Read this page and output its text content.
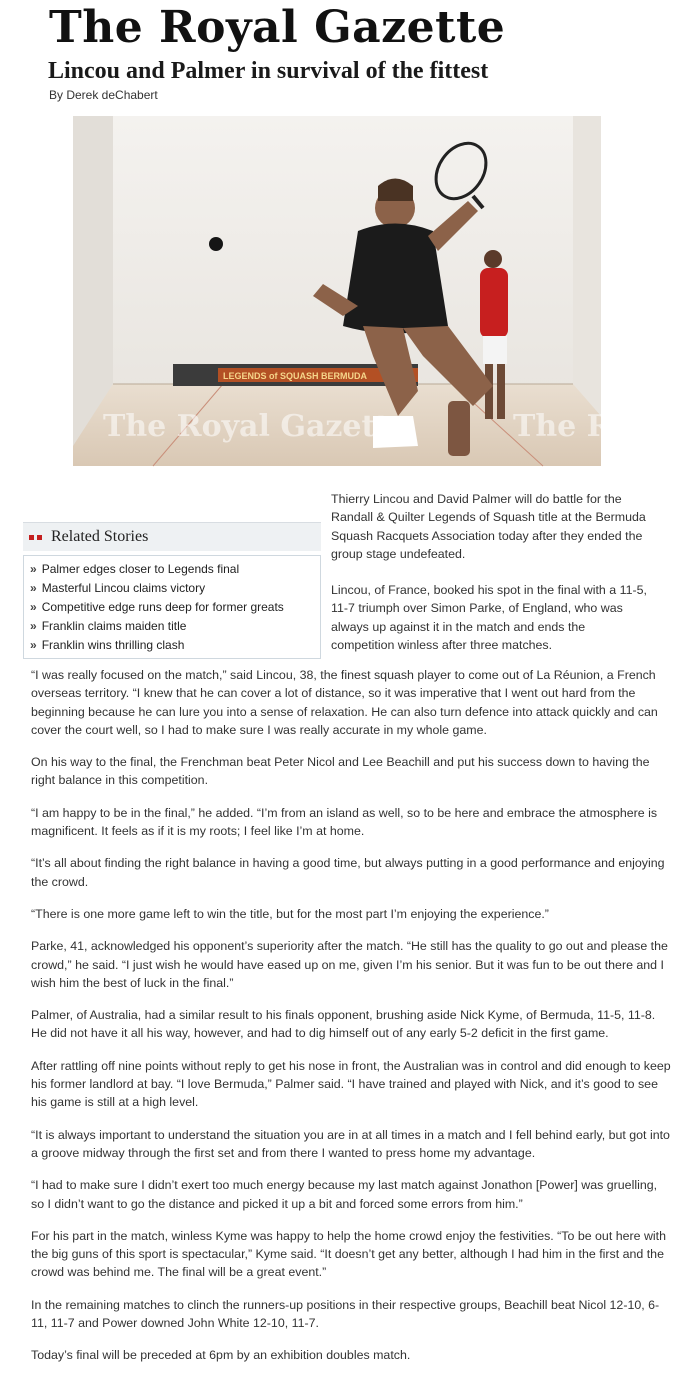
The Royal Gazette
Lincou and Palmer in survival of the fittest
By Derek deChabert
LEGENDS of SQUASH BERMUDA
The Royal Gazette	The R
Related Stories
» Palmer edges closer to Legends final
» Masterful Lincou claims victory
» Competitive edge runs deep for former greats
» Franklin claims maiden title
» Franklin wins thrilling clash

Thierry Lincou and David Palmer will do battle for the Randall & Quilter Legends of Squash title at the Bermuda Squash Racquets Association today after they ended the group stage undefeated.

Lincou, of France, booked his spot in the final with a 11-5, 11-7 triumph over Simon Parke, of England, who was always up against it in the match and ends the competition winless after three matches.

“I was really focused on the match,” said Lincou, 38, the finest squash player to come out of La Réunion, a French overseas territory. “I knew that he can cover a lot of distance, so it was imperative that I went out hard from the beginning because he can lure you into a sense of relaxation. He can also turn defence into attack quickly and can cover the court well, so I had to make sure I was really accurate in my whole game.

On his way to the final, the Frenchman beat Peter Nicol and Lee Beachill and put his success down to having the right balance in this competition.

“I am happy to be in the final,” he added. “I’m from an island as well, so to be here and embrace the atmosphere is magnificent. It feels as if it is my roots; I feel like I’m at home.

“It’s all about finding the right balance in having a good time, but always putting in a good performance and enjoying the crowd.

“There is one more game left to win the title, but for the most part I’m enjoying the experience.”

Parke, 41, acknowledged his opponent’s superiority after the match. “He still has the quality to go out and please the crowd,” he said. “I just wish he would have eased up on me, given I’m his senior. But it was fun to be out there and I wish him the best of luck in the final.”

Palmer, of Australia, had a similar result to his finals opponent, brushing aside Nick Kyme, of Bermuda, 11-5, 11-8. He did not have it all his way, however, and had to dig himself out of any early 5-2 deficit in the first game.

After rattling off nine points without reply to get his nose in front, the Australian was in control and did enough to keep his former landlord at bay. “I love Bermuda,” Palmer said. “I have trained and played with Nick, and it’s good to see his game is still at a high level.

“It is always important to understand the situation you are in at all times in a match and I fell behind early, but got into a groove midway through the first set and from there I wanted to press home my advantage.

“I had to make sure I didn’t exert too much energy because my last match against Jonathon [Power] was gruelling, so I didn’t want to go the distance and picked it up a bit and forced some errors from him.”

For his part in the match, winless Kyme was happy to help the home crowd enjoy the festivities. “To be out here with the big guns of this sport is spectacular,” Kyme said. “It doesn’t get any better, although I had him in the first and the crowd was behind me. The final will be a great event.”

In the remaining matches to clinch the runners-up positions in their respective groups, Beachill beat Nicol 12-10, 6-11, 11-7 and Power downed John White 12-10, 11-7.

Today’s final will be preceded at 6pm by an exhibition doubles match.
